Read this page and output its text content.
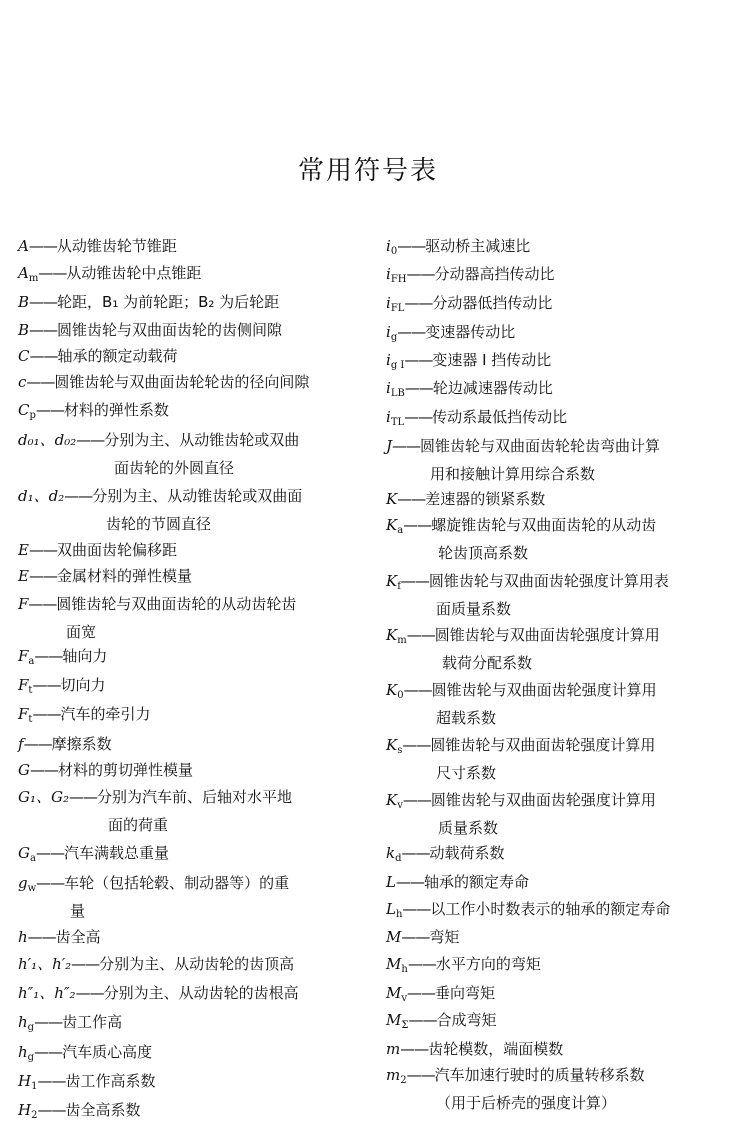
常用符号表
A——从动锥齿轮节锥距
$A_m——$从动锥齿轮中点锥距
B——轮距，B₁ 为前轮距；B₂ 为后轮距
B——圆锥齿轮与双曲面齿轮的齿侧间隙
C——轴承的额定动载荷
c——圆锥齿轮与双曲面齿轮轮齿的径向间隙
$C_p——$材料的弹性系数
d₀₁、d₀₂——分别为主、从动锥齿轮或双曲
面齿轮的外圆直径
d₁、d₂——分别为主、从动锥齿轮或双曲面
齿轮的节圆直径
E——双曲面齿轮偏移距
E——金属材料的弹性模量
F——圆锥齿轮与双曲面齿轮的从动齿轮齿
面宽
$F_a——$轴向力
$F_t——$切向力
$F_t——$汽车的牵引力
f——摩擦系数
G——材料的剪切弹性模量
G₁、G₂——分别为汽车前、后轴对水平地
面的荷重
$G_a——$汽车满载总重量
$g_w——$车轮（包括轮毂、制动器等）的重
量
h——齿全高
h′₁、h′₂——分别为主、从动齿轮的齿顶高
h″₁、h″₂——分别为主、从动齿轮的齿根高
$h_g——$齿工作高
$h_g——$汽车质心高度
$H_1——$齿工作高系数
$H_2——$齿全高系数
$i_0——$驱动桥主减速比
$i_{FH}——$分动器高挡传动比
$i_{FL}——$分动器低挡传动比
$i_g——$变速器传动比
$i_{g I}——$变速器 I 挡传动比
$i_{LB}——$轮边减速器传动比
$i_{TL}——$传动系最低挡传动比
J——圆锥齿轮与双曲面齿轮轮齿弯曲计算
用和接触计算用综合系数
K——差速器的锁紧系数
$K_a——$螺旋锥齿轮与双曲面齿轮的从动齿
轮齿顶高系数
$K_f——$圆锥齿轮与双曲面齿轮强度计算用表
面质量系数
$K_m——$圆锥齿轮与双曲面齿轮强度计算用
载荷分配系数
$K_0——$圆锥齿轮与双曲面齿轮强度计算用
超载系数
$K_s——$圆锥齿轮与双曲面齿轮强度计算用
尺寸系数
$K_v——$圆锥齿轮与双曲面齿轮强度计算用
质量系数
$k_d——$动载荷系数
L——轴承的额定寿命
$L_h——$以工作小时数表示的轴承的额定寿命
M——弯矩
$M_h——$水平方向的弯矩
$M_v——$垂向弯矩
$M_\Sigma——$合成弯矩
m——齿轮模数，端面模数
$m_2——$汽车加速行驶时的质量转移系数
（用于后桥壳的强度计算）
